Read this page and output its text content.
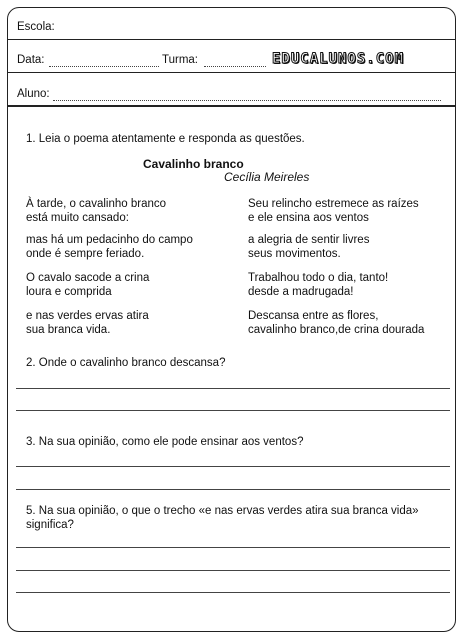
Escola:
Data:	Turma:	EDUCALUNOS.COM
Aluno:
1. Leia o poema atentamente e responda as questões.
Cavalinho branco
Cecília Meireles
À tarde, o cavalinho branco
está muito cansado:
mas há um pedacinho do campo
onde é sempre feriado.
O cavalo sacode a crina
loura e comprida
e nas verdes ervas atira
sua branca vida.
Seu relincho estremece as raízes
e ele ensina aos ventos
a alegria de sentir livres
seus movimentos.
Trabalhou todo o dia, tanto!
desde a madrugada!
Descansa entre as flores,
cavalinho branco,de crina dourada
2. Onde o cavalinho branco descansa?
3. Na sua opinião, como ele pode ensinar aos ventos?
5. Na sua opinião, o que o trecho «e nas ervas verdes atira sua branca vida» significa?
